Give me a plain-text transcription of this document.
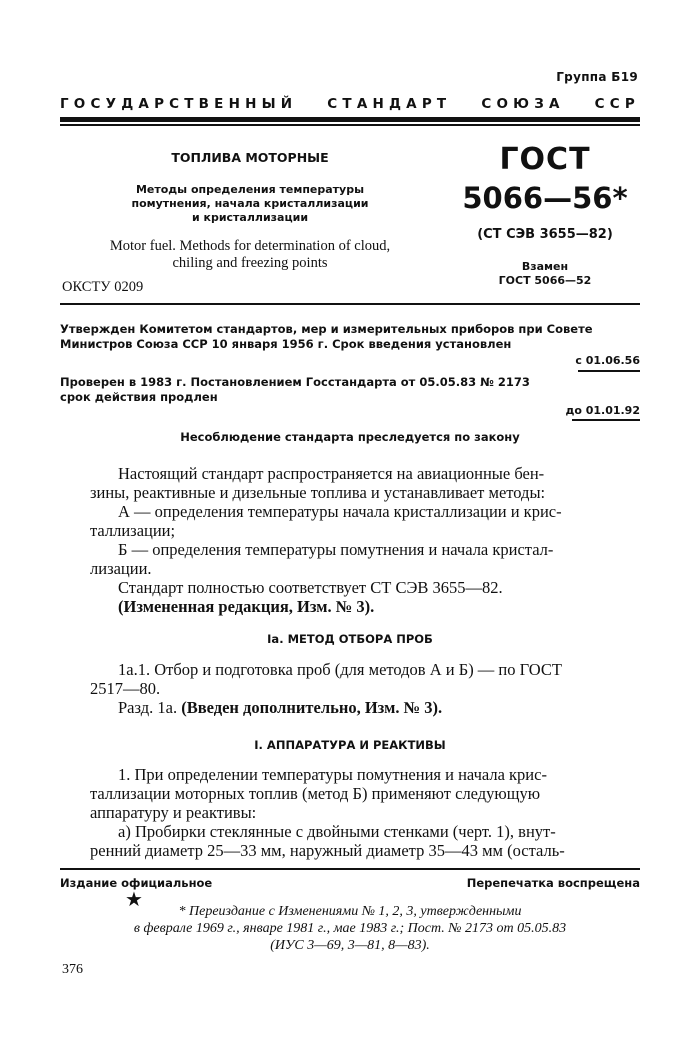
Группа Б19
ГОСУДАРСТВЕННЫЙ СТАНДАРТ СОЮЗА ССР
ТОПЛИВА МОТОРНЫЕ
Методы определения температуры
помутнения, начала кристаллизации
и кристаллизации
Motor fuel. Methods for determination of cloud,
chiling and freezing points
ОКСТУ 0209
ГОСТ
5066—56*
(СТ СЭВ 3655—82)
Взамен
ГОСТ 5066—52
Утвержден Комитетом стандартов, мер и измерительных приборов при Совете
Министров Союза ССР 10 января 1956 г. Срок введения установлен
с 01.06.56
Проверен в 1983 г. Постановлением Госстандарта от 05.05.83 № 2173
срок действия продлен
до 01.01.92
Несоблюдение стандарта преследуется по закону
Настоящий стандарт распространяется на авиационные бен-
зины, реактивные и дизельные топлива и устанавливает методы:
А — определения температуры начала кристаллизации и крис-
таллизации;
Б — определения температуры помутнения и начала кристал-
лизации.
Стандарт полностью соответствует СТ СЭВ 3655—82.
(Измененная редакция, Изм. № 3).
Iа. МЕТОД ОТБОРА ПРОБ
1а.1. Отбор и подготовка проб (для методов А и Б) — по ГОСТ
2517—80.
Разд. 1а. (Введен дополнительно, Изм. № 3).
I. АППАРАТУРА И РЕАКТИВЫ
1. При определении температуры помутнения и начала крис-
таллизации моторных топлив (метод Б) применяют следующую
аппаратуру и реактивы:
а) Пробирки стеклянные с двойными стенками (черт. 1), внут-
ренний диаметр 25—33 мм, наружный диаметр 35—43 мм (осталь-
Издание официальное	Перепечатка воспрещена
★
* Переиздание с Изменениями № 1, 2, 3, утвержденными
в феврале 1969 г., январе 1981 г., мае 1983 г.; Пост. № 2173 от 05.05.83
(ИУС 3—69, 3—81, 8—83).
376
